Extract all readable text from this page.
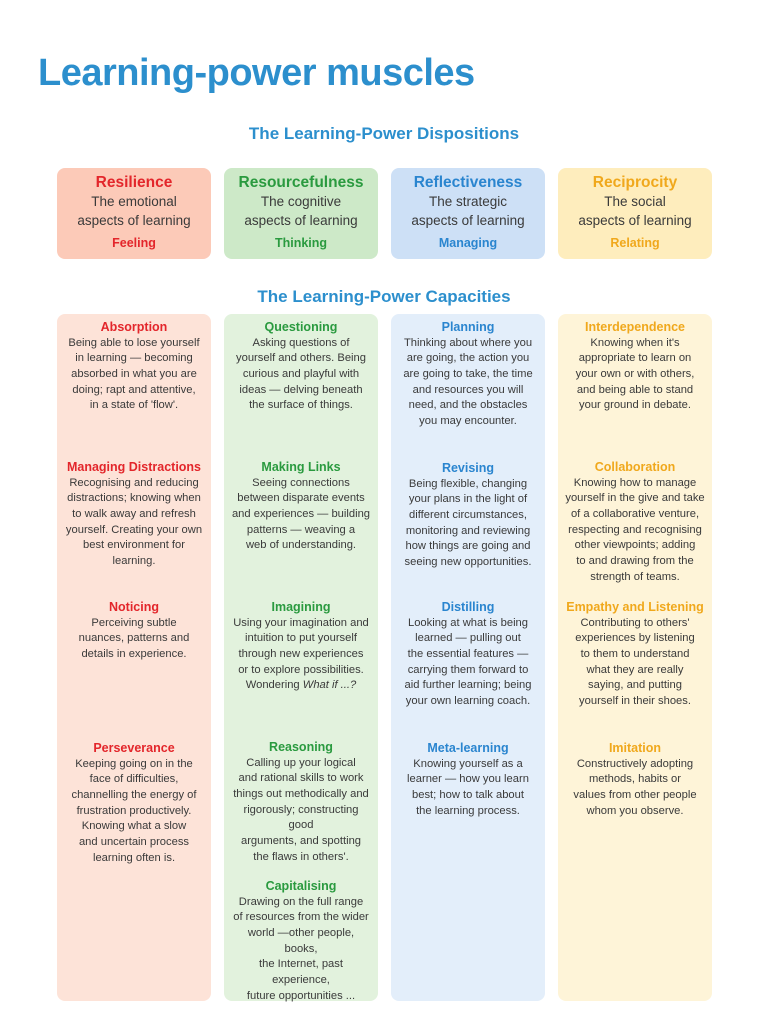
Learning-power muscles
The Learning-Power Dispositions
Resilience
The emotional
aspects of learning
Feeling
Resourcefulness
The cognitive
aspects of learning
Thinking
Reflectiveness
The strategic
aspects of learning
Managing
Reciprocity
The social
aspects of learning
Relating
The Learning-Power Capacities
Absorption
Being able to lose yourself
in learning — becoming
absorbed in what you are
doing; rapt and attentive,
in a state of 'flow'.
Managing Distractions
Recognising and reducing
distractions; knowing when
to walk away and refresh
yourself. Creating your own
best environment for learning.
Noticing
Perceiving subtle
nuances, patterns and
details in experience.
Perseverance
Keeping going on in the
face of difficulties,
channelling the energy of
frustration productively.
Knowing what a slow
and uncertain process
learning often is.
Questioning
Asking questions of
yourself and others. Being
curious and playful with
ideas — delving beneath
the surface of things.
Making Links
Seeing connections
between disparate events
and experiences — building
patterns — weaving a
web of understanding.
Imagining
Using your imagination and
intuition to put yourself
through new experiences
or to explore possibilities.
Wondering What if ...?
Reasoning
Calling up your logical
and rational skills to work
things out methodically and
rigorously; constructing good
arguments, and spotting
the flaws in others'.
Capitalising
Drawing on the full range
of resources from the wider
world —other people, books,
the Internet, past experience,
future opportunities ...
Planning
Thinking about where you
are going, the action you
are going to take, the time
and resources you will
need, and the obstacles
you may encounter.
Revising
Being flexible, changing
your plans in the light of
different circumstances,
monitoring and reviewing
how things are going and
seeing new opportunities.
Distilling
Looking at what is being
learned — pulling out
the essential features —
carrying them forward to
aid further learning; being
your own learning coach.
Meta-learning
Knowing yourself as a
learner — how you learn
best; how to talk about
the learning process.
Interdependence
Knowing when it's
appropriate to learn on
your own or with others,
and being able to stand
your ground in debate.
Collaboration
Knowing how to manage
yourself in the give and take
of a collaborative venture,
respecting and recognising
other viewpoints; adding
to and drawing from the
strength of teams.
Empathy and Listening
Contributing to others'
experiences by listening
to them to understand
what they are really
saying, and putting
yourself in their shoes.
Imitation
Constructively adopting
methods, habits or
values from other people
whom you observe.
